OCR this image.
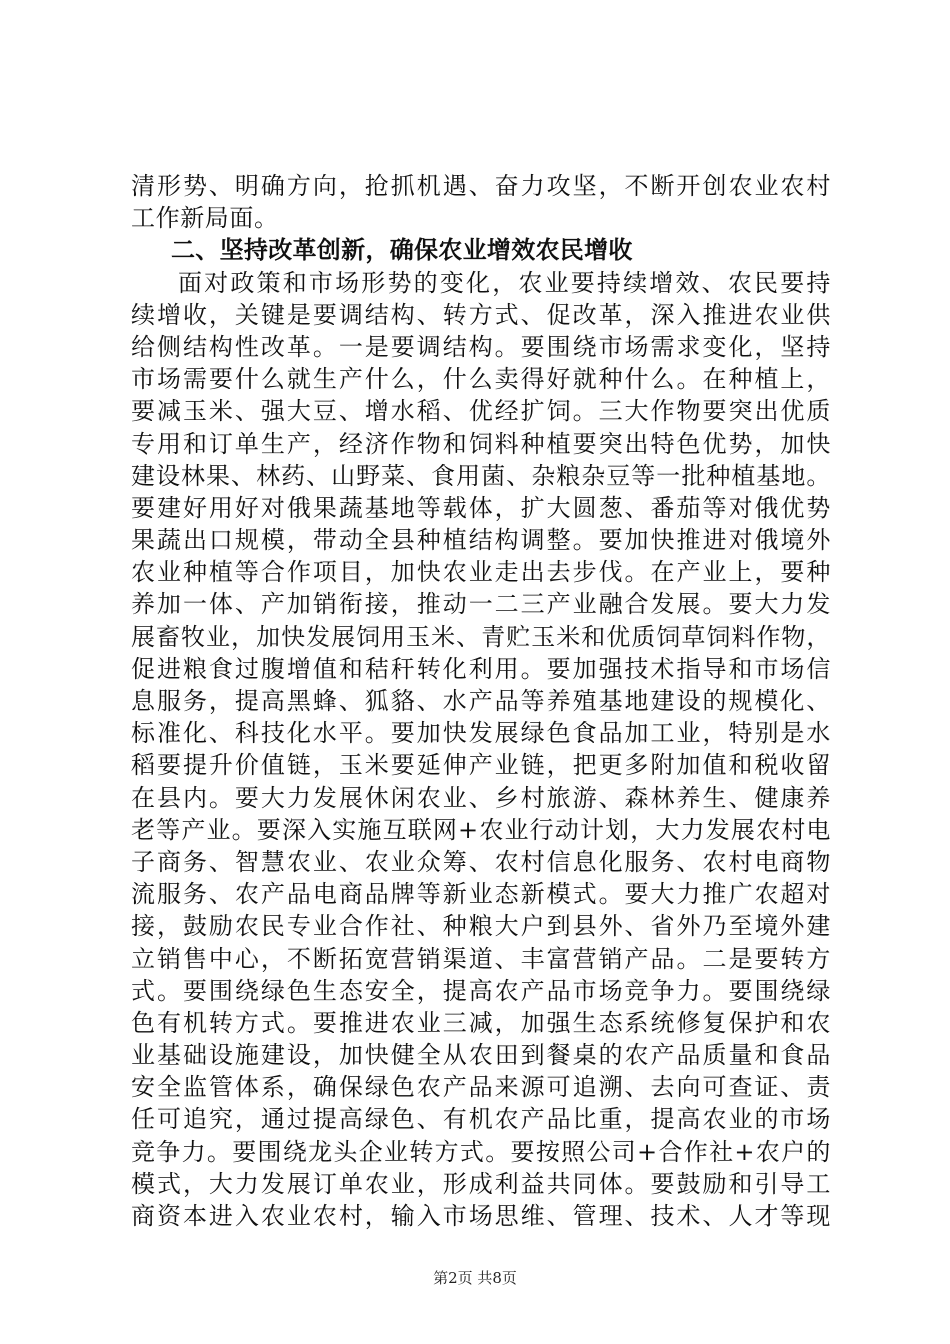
清形势、明确方向，抢抓机遇、奋力攻坚，不断开创农业农村
工作新局面。
二、坚持改革创新，确保农业增效农民增收
面对政策和市场形势的变化，农业要持续增效、农民要持
续增收，关键是要调结构、转方式、促改革，深入推进农业供
给侧结构性改革。一是要调结构。要围绕市场需求变化，坚持
市场需要什么就生产什么，什么卖得好就种什么。在种植上，
要减玉米、强大豆、增水稻、优经扩饲。三大作物要突出优质
专用和订单生产，经济作物和饲料种植要突出特色优势，加快
建设林果、林药、山野菜、食用菌、杂粮杂豆等一批种植基地。
要建好用好对俄果蔬基地等载体，扩大圆葱、番茄等对俄优势
果蔬出口规模，带动全县种植结构调整。要加快推进对俄境外
农业种植等合作项目，加快农业走出去步伐。在产业上，要种
养加一体、产加销衔接，推动一二三产业融合发展。要大力发
展畜牧业，加快发展饲用玉米、青贮玉米和优质饲草饲料作物，
促进粮食过腹增值和秸秆转化利用。要加强技术指导和市场信
息服务，提高黑蜂、狐貉、水产品等养殖基地建设的规模化、
标准化、科技化水平。要加快发展绿色食品加工业，特别是水
稻要提升价值链，玉米要延伸产业链，把更多附加值和税收留
在县内。要大力发展休闲农业、乡村旅游、森林养生、健康养
老等产业。要深入实施互联网+农业行动计划，大力发展农村电
子商务、智慧农业、农业众筹、农村信息化服务、农村电商物
流服务、农产品电商品牌等新业态新模式。要大力推广农超对
接，鼓励农民专业合作社、种粮大户到县外、省外乃至境外建
立销售中心，不断拓宽营销渠道、丰富营销产品。二是要转方
式。要围绕绿色生态安全，提高农产品市场竞争力。要围绕绿
色有机转方式。要推进农业三减，加强生态系统修复保护和农
业基础设施建设，加快健全从农田到餐桌的农产品质量和食品
安全监管体系，确保绿色农产品来源可追溯、去向可查证、责
任可追究，通过提高绿色、有机农产品比重，提高农业的市场
竞争力。要围绕龙头企业转方式。要按照公司+合作社+农户的
模式，大力发展订单农业，形成利益共同体。要鼓励和引导工
商资本进入农业农村，输入市场思维、管理、技术、人才等现
第2页 共8页
